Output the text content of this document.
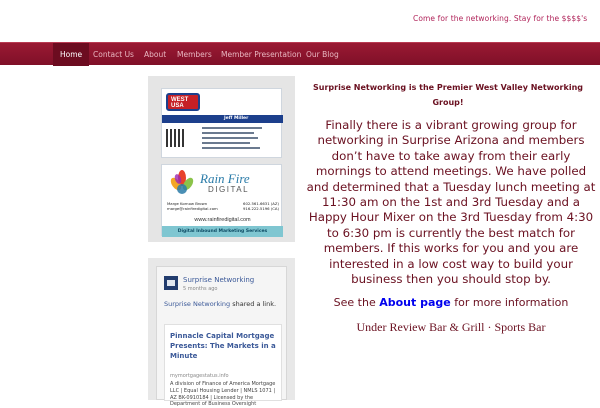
Come for the networking. Stay for the $$$$'s
Home	Contact Us	About	Members	Member Presentation Our Blog
WEST USA
Jeff Miller
Rain Fire
DIGITAL
Marge Kornow Brown	602.561.6631 (AZ)
marge@rainfiredigital.com	916.222.5196 (CA)
www.rainfiredigital.com
Digital Inbound Marketing Services
Surprise Networking
5 months ago
Surprise Networking shared a link.
Pinnacle Capital Mortgage Presents: The Markets in a Minute
mymortgagestatus.info
A division of Finance of America Mortgage LLC | Equal Housing Lender | NMLS 1071 | AZ BK-0910184 | Licensed by the Department of Business Oversight
Surprise Networking is the Premier West Valley Networking Group!
Finally there is a vibrant growing group for networking in Surprise Arizona and members don’t have to take away from their early mornings to attend meetings. We have polled and determined that a Tuesday lunch meeting at 11:30 am on the 1st and 3rd Tuesday and a Happy Hour Mixer on the 3rd Tuesday from 4:30 to 6:30 pm is currently the best match for members. If this works for you and you are interested in a low cost way to build your business then you should stop by.
See the About page for more information
Under Review Bar & Grill · Sports Bar
